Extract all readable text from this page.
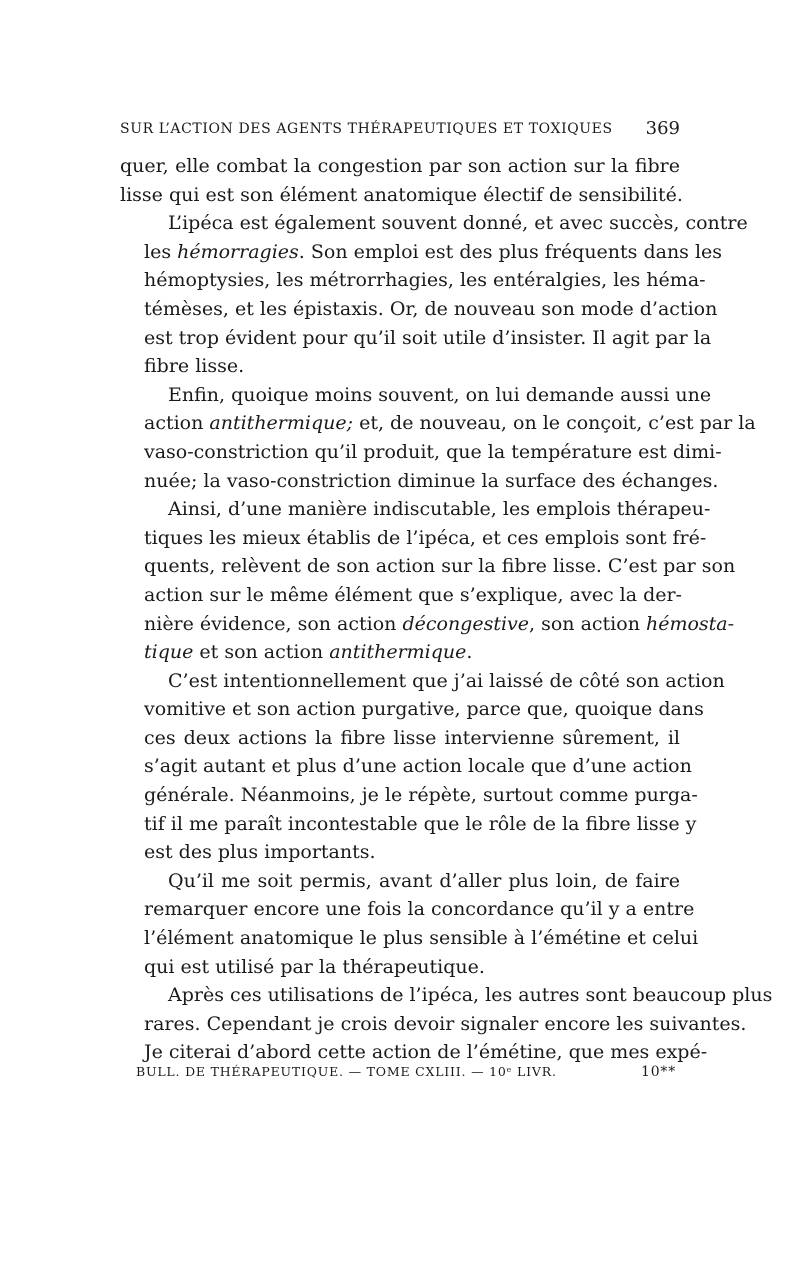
SUR L’ACTION DES AGENTS THÉRAPEUTIQUES ET TOXIQUES 369

quer, elle combat la congestion par son action sur la fibre
lisse qui est son élément anatomique électif de sensibilité.

L’ipéca est également souvent donné, et avec succès, contre
les hémorragies. Son emploi est des plus fréquents dans les
hémoptysies, les métrorrhagies, les entéralgies, les héma-
témèses, et les épistaxis. Or, de nouveau son mode d’action
est trop évident pour qu’il soit utile d’insister. Il agit par la
fibre lisse.

Enfin, quoique moins souvent, on lui demande aussi une
action antithermique; et, de nouveau, on le conçoit, c’est par la
vaso-constriction qu’il produit, que la température est dimi-
nuée; la vaso-constriction diminue la surface des échanges.

Ainsi, d’une manière indiscutable, les emplois thérapeu-
tiques les mieux établis de l’ipéca, et ces emplois sont fré-
quents, relèvent de son action sur la fibre lisse. C’est par son
action sur le même élément que s’explique, avec la der-
nière évidence, son action décongestive, son action hémosta-
tique et son action antithermique.

C’est intentionnellement que j’ai laissé de côté son action
vomitive et son action purgative, parce que, quoique dans
ces deux actions la fibre lisse intervienne sûrement, il
s’agit autant et plus d’une action locale que d’une action
générale. Néanmoins, je le répète, surtout comme purga-
tif il me paraît incontestable que le rôle de la fibre lisse y
est des plus importants.

Qu’il me soit permis, avant d’aller plus loin, de faire
remarquer encore une fois la concordance qu’il y a entre
l’élément anatomique le plus sensible à l’émétine et celui
qui est utilisé par la thérapeutique.

Après ces utilisations de l’ipéca, les autres sont beaucoup plus
rares. Cependant je crois devoir signaler encore les suivantes.
Je citerai d’abord cette action de l’émétine, que mes expé-

BULL. DE THÉRAPEUTIQUE. — TOME CXLIII. — 10ᵉ LIVR.	10**
